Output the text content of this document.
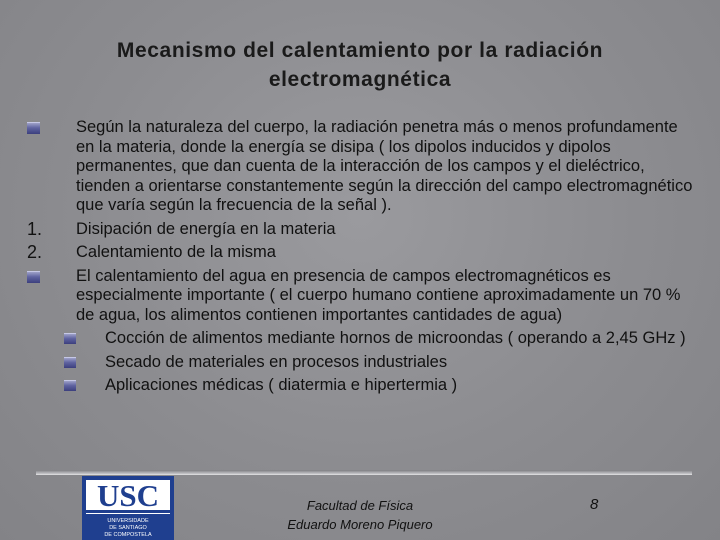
Mecanismo del calentamiento por la radiación
electromagnética
Según la naturaleza del cuerpo, la radiación penetra más o menos profundamente en la materia, donde la energía se disipa ( los dipolos inducidos y dipolos permanentes, que dan cuenta de la interacción de los campos y el dieléctrico, tienden a orientarse constantemente según la dirección del campo electromagnético que varía según la frecuencia de la señal ).
1. Disipación de energía en la materia
2. Calentamiento de la misma
El calentamiento del agua en presencia de campos electromagnéticos es especialmente importante ( el cuerpo humano contiene aproximadamente un 70 % de agua, los alimentos contienen importantes cantidades de agua)
Cocción de alimentos mediante hornos de microondas ( operando a 2,45 GHz )
Secado de materiales en procesos industriales
Aplicaciones médicas ( diatermia e hipertermia )
USC
UNIVERSIDADE
DE SANTIAGO
DE COMPOSTELA
Facultad de Física
Eduardo Moreno Piquero
8
